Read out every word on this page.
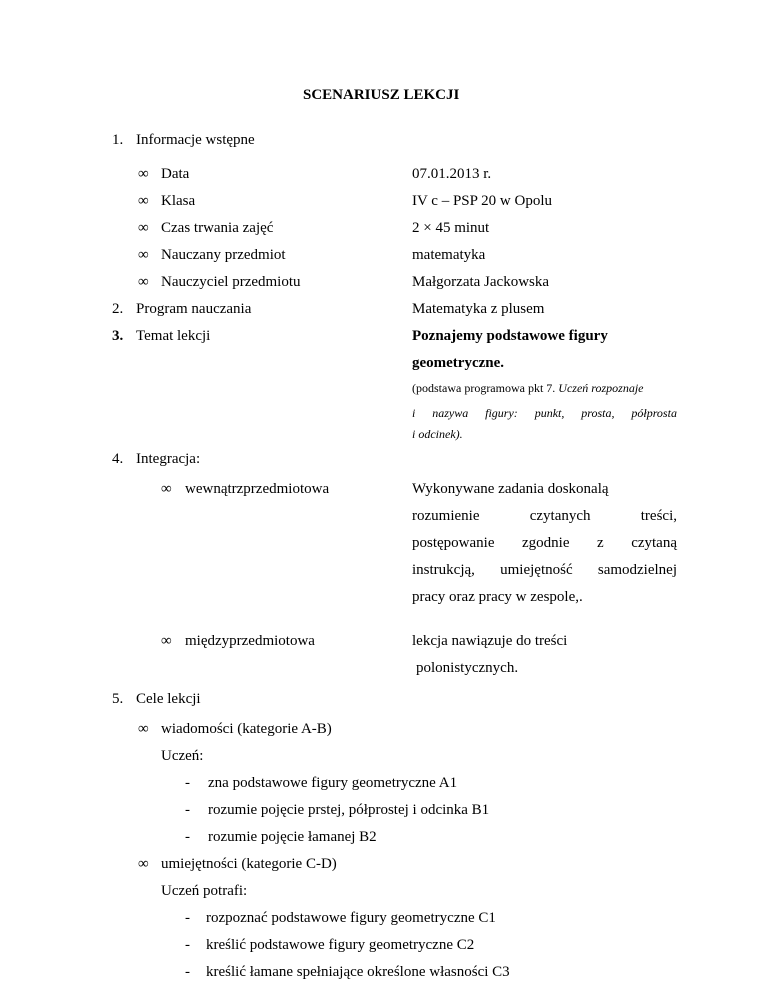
SCENARIUSZ LEKCJI
1. Informacje wstępne
∞ Data	07.01.2013 r.
∞ Klasa	IV c – PSP 20 w Opolu
∞ Czas trwania zajęć	2 × 45 minut
∞ Nauczany przedmiot	matematyka
∞ Nauczyciel przedmiotu	Małgorzata Jackowska
2. Program nauczania	Matematyka z plusem
3. Temat lekcji	Poznajemy podstawowe figury
geometryczne.
(podstawa programowa pkt 7. Uczeń rozpoznaje
i nazywa figury: punkt, prosta, półprosta
i odcinek).
4. Integracja:
∞ wewnątrzprzedmiotowa	Wykonywane zadania doskonalą
rozumienie	czytanych	treści,
postępowanie zgodnie z czytaną
instrukcją, umiejętność samodzielnej
pracy oraz pracy w zespole,.
∞ międzyprzedmiotowa	lekcja nawiązuje do treści
polonistycznych.
5. Cele lekcji
∞ wiadomości (kategorie A-B)
Uczeń:
- zna podstawowe figury geometryczne A1
- rozumie pojęcie prstej, półprostej i odcinka B1
- rozumie pojęcie łamanej B2
∞ umiejętności (kategorie C-D)
Uczeń potrafi:
- rozpoznać podstawowe figury geometryczne C1
- kreślić podstawowe figury geometryczne C2
- kreślić łamane spełniające określone własności C3
